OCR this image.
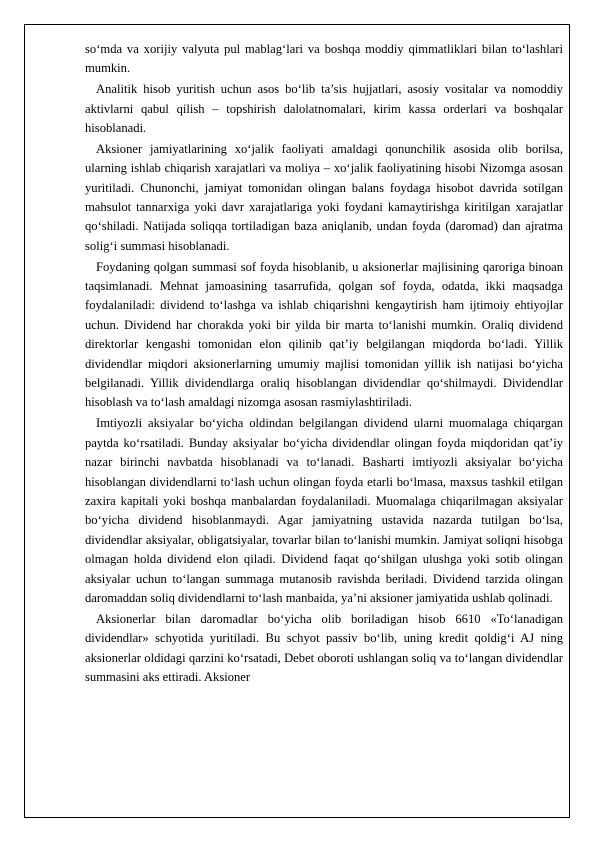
so‘mda va xorijiy valyuta pul mablag‘lari va boshqa moddiy qimmatliklari bilan to‘lashlari mumkin.

Analitik hisob yuritish uchun asos bo‘lib ta’sis hujjatlari, asosiy vositalar va nomoddiy aktivlarni qabul qilish – topshirish dalolatnomalari, kirim kassa orderlari va boshqalar hisoblanadi.

Aksioner jamiyatlarining xo‘jalik faoliyati amaldagi qonunchilik asosida olib borilsa, ularning ishlab chiqarish xarajatlari va moliya – xo‘jalik faoliyatining hisobi Nizomga asosan yuritiladi. Chunonchi, jamiyat tomonidan olingan balans foydaga hisobot davrida sotilgan mahsulot tannarxiga yoki davr xarajatlariga yoki foydani kamaytirishga kiritilgan xarajatlar qo‘shiladi. Natijada soliqqa tortiladigan baza aniqlanib, undan foyda (daromad) dan ajratma solig‘i summasi hisoblanadi.

Foydaning qolgan summasi sof foyda hisoblanib, u aksionerlar majlisining qaroriga binoan taqsimlanadi. Mehnat jamoasining tasarrufida, qolgan sof foyda, odatda, ikki maqsadga foydalaniladi: dividend to‘lashga va ishlab chiqarishni kengaytirish ham ijtimoiy ehtiyojlar uchun. Dividend har chorakda yoki bir yilda bir marta to‘lanishi mumkin. Oraliq dividend direktorlar kengashi tomonidan elon qilinib qat’iy belgilangan miqdorda bo‘ladi. Yillik dividendlar miqdori aksionerlarning umumiy majlisi tomonidan yillik ish natijasi bo‘yicha belgilanadi. Yillik dividendlarga oraliq hisoblangan dividendlar qo‘shilmaydi. Dividendlar hisoblash va to‘lash amaldagi nizomga asosan rasmiylashtiriladi.

Imtiyozli aksiyalar bo‘yicha oldindan belgilangan dividend ularni muomalaga chiqargan paytda ko‘rsatiladi. Bunday aksiyalar bo‘yicha dividendlar olingan foyda miqdoridan qat’iy nazar birinchi navbatda hisoblanadi va to‘lanadi. Basharti imtiyozli aksiyalar bo‘yicha hisoblangan dividendlarni to‘lash uchun olingan foyda etarli bo‘lmasa, maxsus tashkil etilgan zaxira kapitali yoki boshqa manbalardan foydalaniladi. Muomalaga chiqarilmagan aksiyalar bo‘yicha dividend hisoblanmaydi. Agar jamiyatning ustavida nazarda tutilgan bo‘lsa, dividendlar aksiyalar, obligatsiyalar, tovarlar bilan to‘lanishi mumkin. Jamiyat soliqni hisobga olmagan holda dividend elon qiladi. Dividend faqat qo‘shilgan ulushga yoki sotib olingan aksiyalar uchun to‘langan summaga mutanosib ravishda beriladi. Dividend tarzida olingan daromaddan soliq dividendlarni to‘lash manbaida, ya’ni aksioner jamiyatida ushlab qolinadi.

Aksionerlar bilan daromadlar bo‘yicha olib boriladigan hisob 6610 «To‘lanadigan dividendlar» schyotida yuritiladi. Bu schyot passiv bo‘lib, uning kredit qoldig‘i AJ ning aksionerlar oldidagi qarzini ko‘rsatadi, Debet oboroti ushlangan soliq va to‘langan dividendlar summasini aks ettiradi. Aksioner
